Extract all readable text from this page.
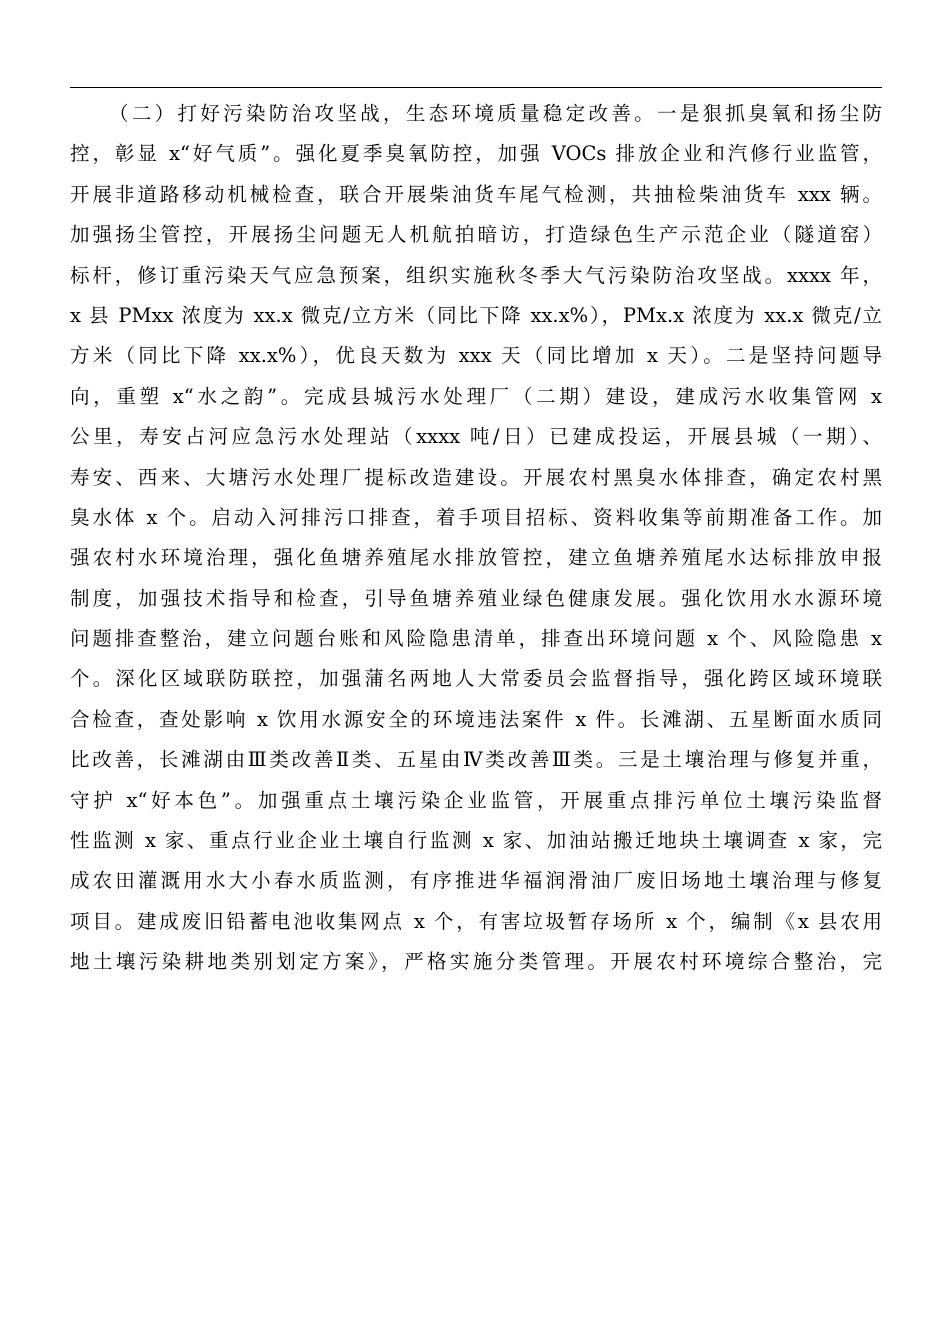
（二）打好污染防治攻坚战，生态环境质量稳定改善。一是狠抓臭氧和扬尘防
控，彰显 x“好气质”。强化夏季臭氧防控，加强 VOCs 排放企业和汽修行业监管，
开展非道路移动机械检查，联合开展柴油货车尾气检测，共抽检柴油货车 xxx 辆。
加强扬尘管控，开展扬尘问题无人机航拍暗访，打造绿色生产示范企业（隧道窑）
标杆，修订重污染天气应急预案，组织实施秋冬季大气污染防治攻坚战。xxxx 年，
x 县 PMxx 浓度为 xx.x 微克/立方米（同比下降 xx.x%），PMx.x 浓度为 xx.x 微克/立
方米（同比下降 xx.x%），优良天数为 xxx 天（同比增加 x 天）。二是坚持问题导
向，重塑 x“水之韵”。完成县城污水处理厂（二期）建设，建成污水收集管网 x
公里，寿安占河应急污水处理站（xxxx 吨/日）已建成投运，开展县城（一期）、
寿安、西来、大塘污水处理厂提标改造建设。开展农村黑臭水体排查，确定农村黑
臭水体 x 个。启动入河排污口排查，着手项目招标、资料收集等前期准备工作。加
强农村水环境治理，强化鱼塘养殖尾水排放管控，建立鱼塘养殖尾水达标排放申报
制度，加强技术指导和检查，引导鱼塘养殖业绿色健康发展。强化饮用水水源环境
问题排查整治，建立问题台账和风险隐患清单，排查出环境问题 x 个、风险隐患 x
个。深化区域联防联控，加强蒲名两地人大常委员会监督指导，强化跨区域环境联
合检查，查处影响 x 饮用水源安全的环境违法案件 x 件。长滩湖、五星断面水质同
比改善，长滩湖由Ⅲ类改善Ⅱ类、五星由Ⅳ类改善Ⅲ类。三是土壤治理与修复并重，
守护 x“好本色”。加强重点土壤污染企业监管，开展重点排污单位土壤污染监督
性监测 x 家、重点行业企业土壤自行监测 x 家、加油站搬迁地块土壤调查 x 家，完
成农田灌溉用水大小春水质监测，有序推进华福润滑油厂废旧场地土壤治理与修复
项目。建成废旧铅蓄电池收集网点 x 个，有害垃圾暂存场所 x 个，编制《x 县农用
地土壤污染耕地类别划定方案》，严格实施分类管理。开展农村环境综合整治，完
